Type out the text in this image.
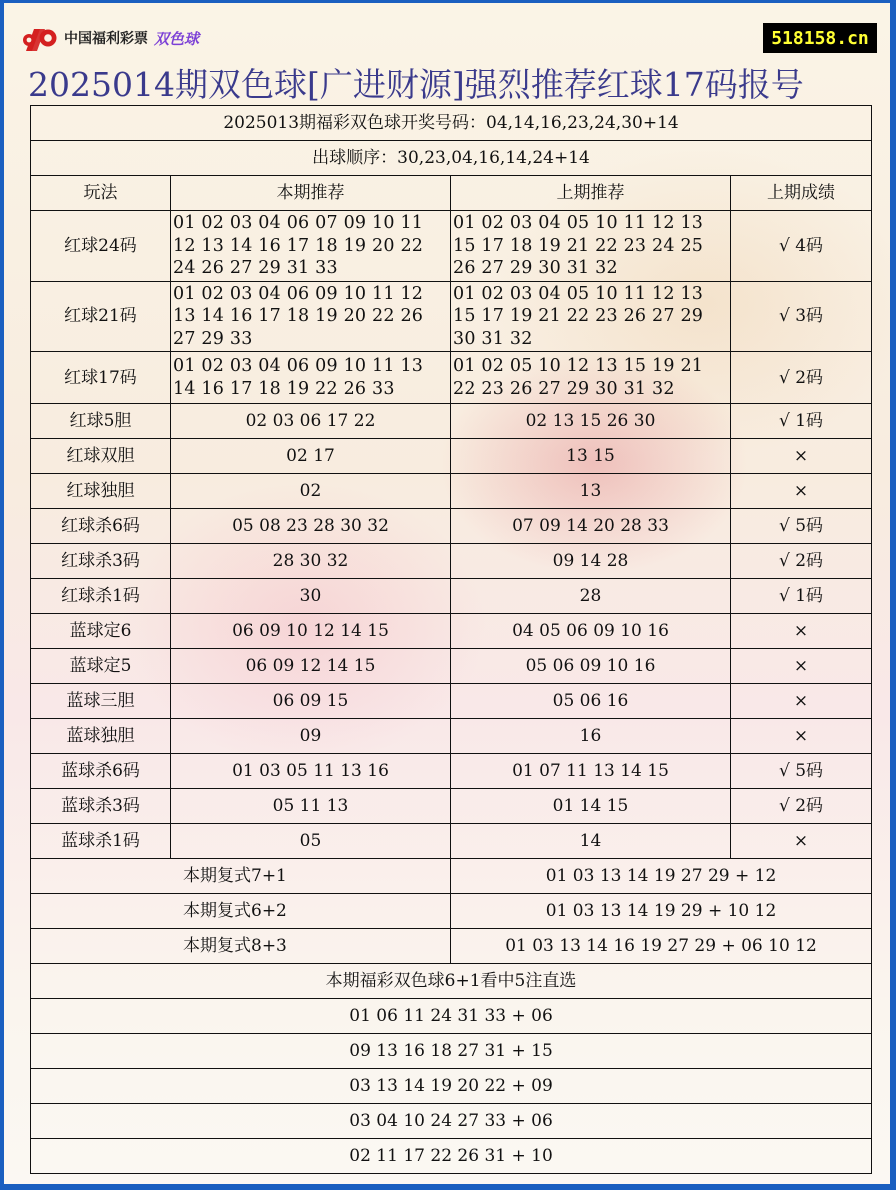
中国福利彩票 双色球	518158.cn
2025014期双色球[广进财源]强烈推荐红球17码报号
2025013期福彩双色球开奖号码：04,14,16,23,24,30+14			
出球顺序：30,23,04,16,14,24+14			
玩法	本期推荐	上期推荐	上期成绩
红球24码	01 02 03 04 06 07 09 10 11 12 13 14 16 17 18 19 20 22 24 26 27 29 31 33	01 02 03 04 05 10 11 12 13 15 17 18 19 21 22 23 24 25 26 27 29 30 31 32	√ 4码
红球21码	01 02 03 04 06 09 10 11 12 13 14 16 17 18 19 20 22 26 27 29 33	01 02 03 04 05 10 11 12 13 15 17 19 21 22 23 26 27 29 30 31 32	√ 3码
红球17码	01 02 03 04 06 09 10 11 13 14 16 17 18 19 22 26 33	01 02 05 10 12 13 15 19 21 22 23 26 27 29 30 31 32	√ 2码
红球5胆	02 03 06 17 22	02 13 15 26 30	√ 1码
红球双胆	02 17	13 15	×
红球独胆	02	13	×
红球杀6码	05 08 23 28 30 32	07 09 14 20 28 33	√ 5码
红球杀3码	28 30 32	09 14 28	√ 2码
红球杀1码	30	28	√ 1码
蓝球定6	06 09 10 12 14 15	04 05 06 09 10 16	×
蓝球定5	06 09 12 14 15	05 06 09 10 16	×
蓝球三胆	06 09 15	05 06 16	×
蓝球独胆	09	16	×
蓝球杀6码	01 03 05 11 13 16	01 07 11 13 14 15	√ 5码
蓝球杀3码	05 11 13	01 14 15	√ 2码
蓝球杀1码	05	14	×
本期复式7+1		01 03 13 14 19 27 29 + 12	
本期复式6+2		01 03 13 14 19 29 + 10 12	
本期复式8+3		01 03 13 14 16 19 27 29 + 06 10 12	
本期福彩双色球6+1看中5注直选			
01 06 11 24 31 33 + 06			
09 13 16 18 27 31 + 15			
03 13 14 19 20 22 + 09			
03 04 10 24 27 33 + 06			
02 11 17 22 26 31 + 10			
